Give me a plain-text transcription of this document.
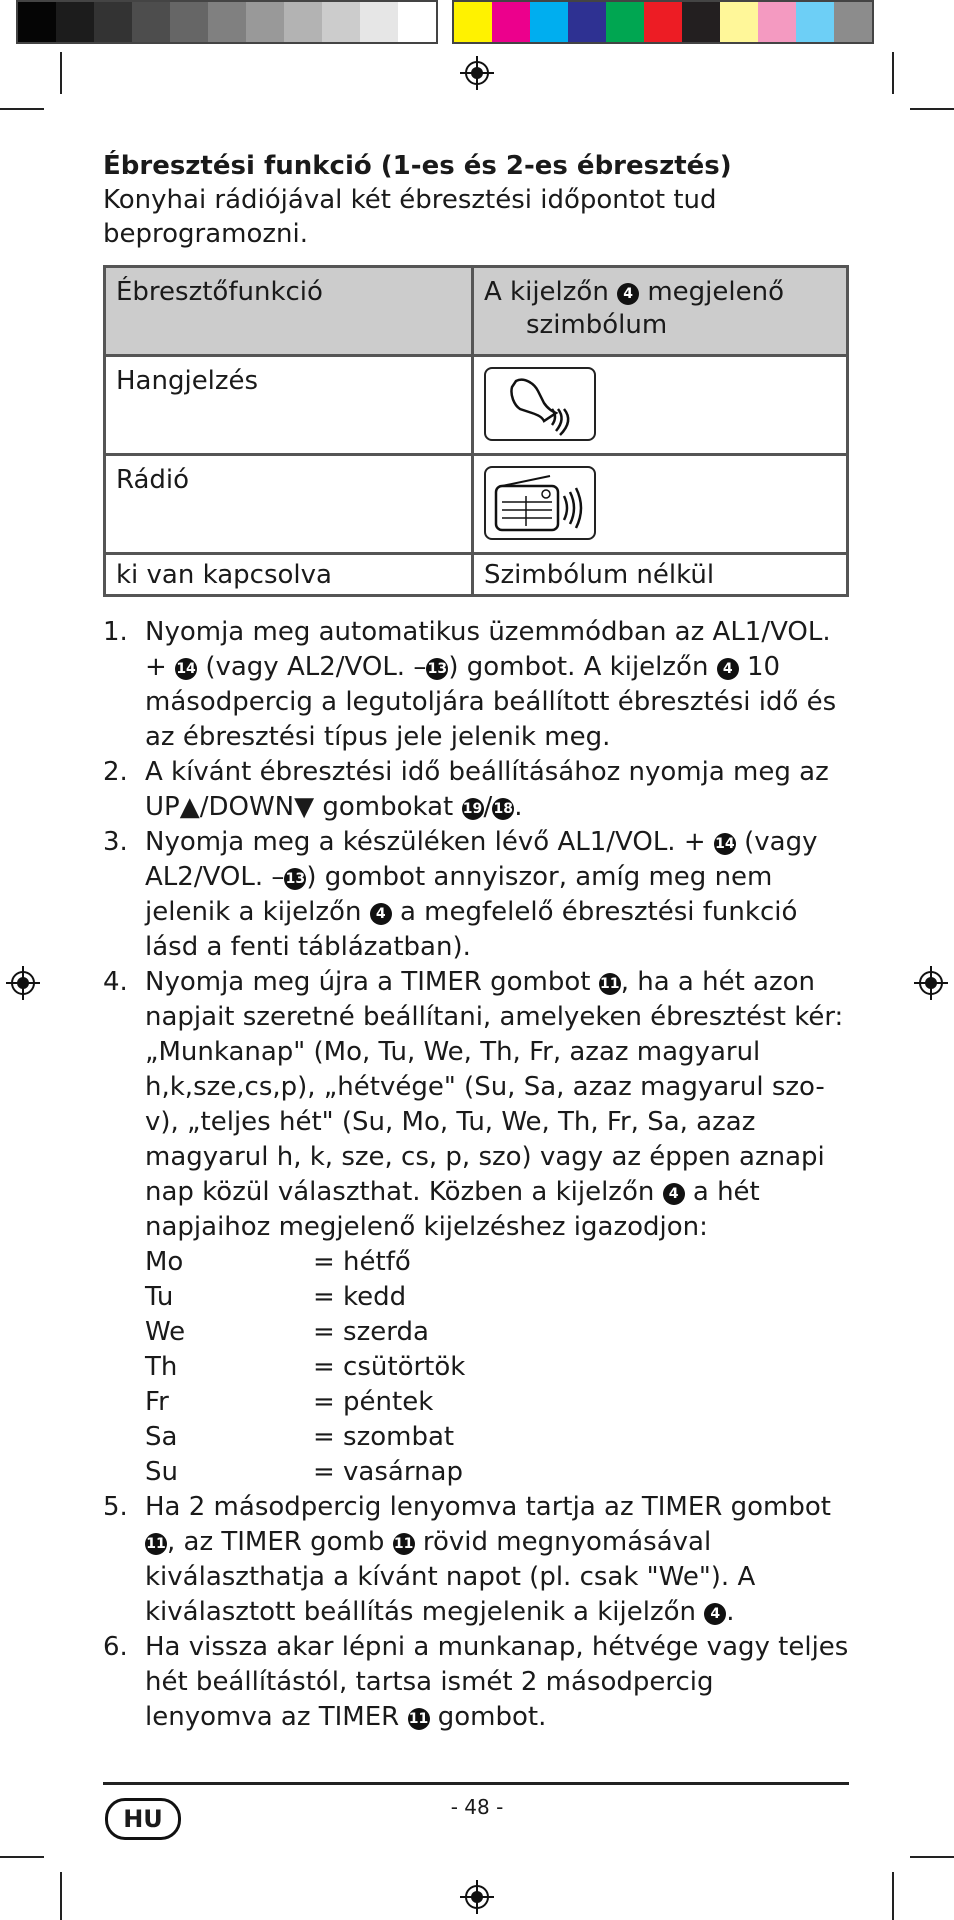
Ébresztési funkció (1-es és 2-es ébresztés)
Konyhai rádiójával két ébresztési időpontot tud beprogramozni.
Ébresztőfunkció	A kijelzőn 4 megjelenő
szimbólum
Hangjelzés	

Rádió	

ki van kapcsolva	Szimbólum nélkül
1. Nyomja meg automatikus üzemmódban az AL1/VOL. + 14 (vagy AL2/VOL. –13) gombot. A kijelzőn 4 10 másodpercig a legutoljára beállított ébresztési idő és az ébresztési típus jele jelenik meg.
2. A kívánt ébresztési idő beállításához nyomja meg az UP▲/DOWN▼ gombokat 19/18.
3. Nyomja meg a készüléken lévő AL1/VOL. + 14 (vagy AL2/VOL. –13) gombot annyiszor, amíg meg nem jelenik a kijelzőn 4 a megfelelő ébresztési funkció lásd a fenti táblázatban).
4. Nyomja meg újra a TIMER gombot 11, ha a hét azon napjait szeretné beállítani, amelyeken ébresztést kér: „Munkanap" (Mo, Tu, We, Th, Fr, azaz magyarul h,k,sze,cs,p), „hétvége" (Su, Sa, azaz magyarul szo-v), „teljes hét" (Su, Mo, Tu, We, Th, Fr, Sa, azaz magyarul h, k, sze, cs, p, szo) vagy az éppen aznapi nap közül választhat. Közben a kijelzőn 4 a hét napjaihoz megjelenő kijelzéshez igazodjon:
Mo	= hétfő
Tu	= kedd
We	= szerda
Th	= csütörtök
Fr	= péntek
Sa	= szombat
Su	= vasárnap
5. Ha 2 másodpercig lenyomva tartja az TIMER gombot 11, az TIMER gomb 11 rövid megnyomásával kiválaszthatja a kívánt napot (pl. csak "We"). A kiválasztott beállítás megjelenik a kijelzőn 4 .
6. Ha vissza akar lépni a munkanap, hétvége vagy teljes hét beállítástól, tartsa ismét 2 másodpercig lenyomva az TIMER 11 gombot.
HU	- 48 -
